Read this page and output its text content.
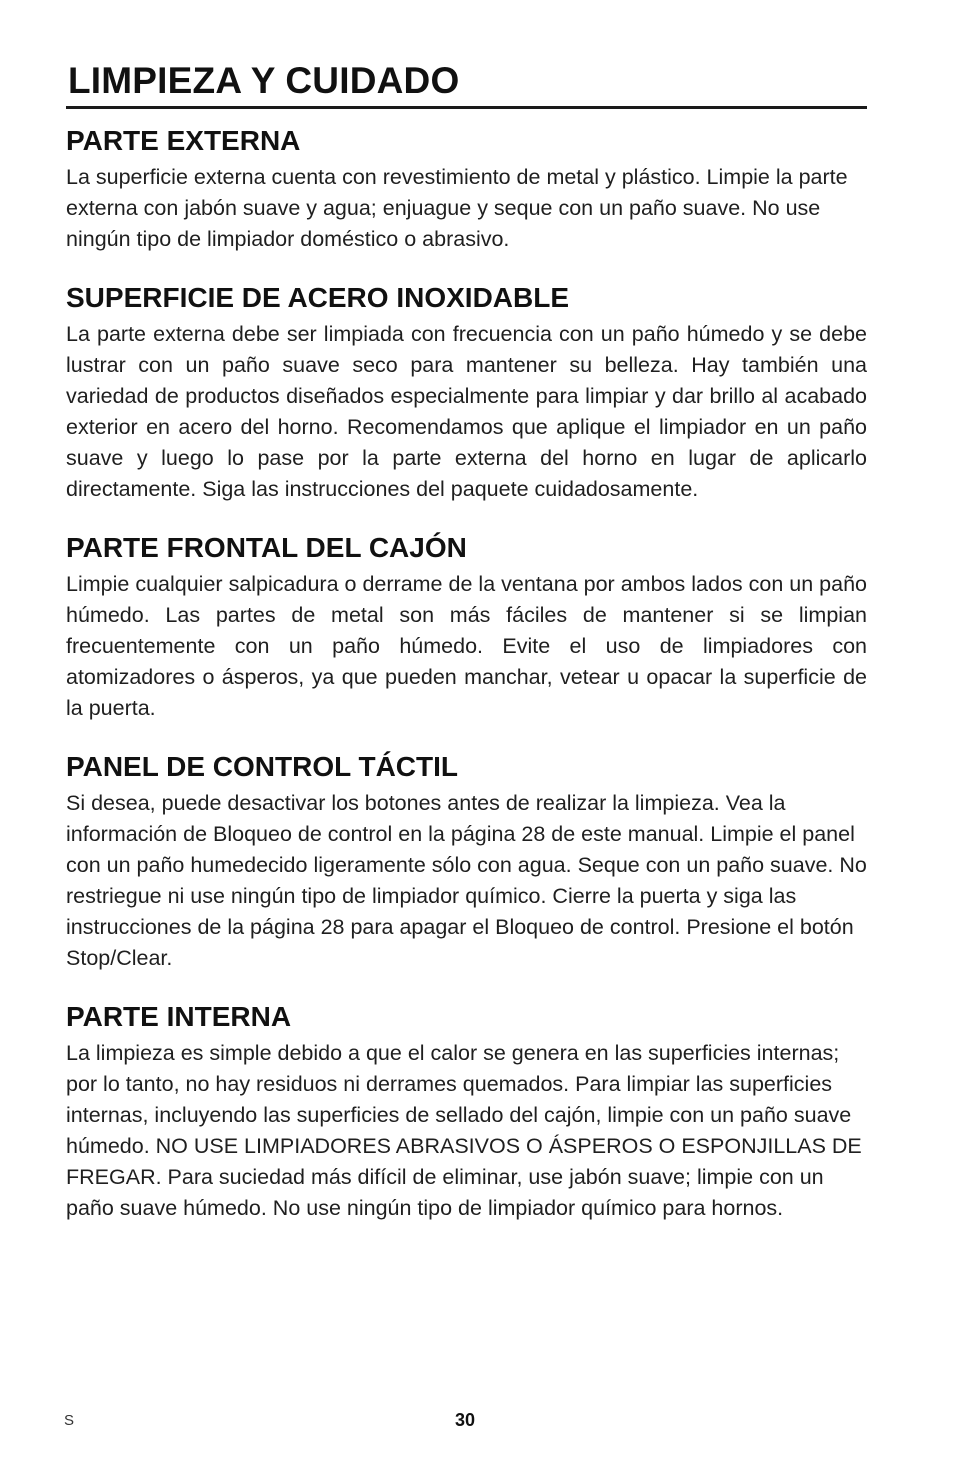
LIMPIEZA Y CUIDADO
PARTE EXTERNA

La superficie externa cuenta con revestimiento de metal y plástico. Limpie la parte externa con jabón suave y agua; enjuague y seque con un paño suave. No use ningún tipo de limpiador doméstico o abrasivo.

SUPERFICIE DE ACERO INOXIDABLE

La parte externa debe ser limpiada con frecuencia con un paño húmedo y se debe lustrar con un paño suave seco para mantener su belleza. Hay también una variedad de productos diseñados especialmente para limpiar y dar brillo al acabado exterior en acero del horno. Recomendamos que aplique el limpiador en un paño suave y luego lo pase por la parte externa del horno en lugar de aplicarlo directamente. Siga las instrucciones del paquete cuidadosamente.

PARTE FRONTAL DEL CAJÓN

Limpie cualquier salpicadura o derrame de la ventana por ambos lados con un paño húmedo. Las partes de metal son más fáciles de mantener si se limpian frecuentemente con un paño húmedo. Evite el uso de limpiadores con atomizadores o ásperos, ya que pueden manchar, vetear u opacar la superficie de la puerta.

PANEL DE CONTROL TÁCTIL

Si desea, puede desactivar los botones antes de realizar la limpieza. Vea la información de Bloqueo de control en la página 28 de este manual. Limpie el panel con un paño humedecido ligeramente sólo con agua. Seque con un paño suave. No restriegue ni use ningún tipo de limpiador químico. Cierre la puerta y siga las instrucciones de la página 28 para apagar el Bloqueo de control. Presione el botón Stop/Clear.

PARTE INTERNA

La limpieza es simple debido a que el calor se genera en las superficies internas; por lo tanto, no hay residuos ni derrames quemados. Para limpiar las superficies internas, incluyendo las superficies de sellado del cajón, limpie con un paño suave húmedo. NO USE LIMPIADORES ABRASIVOS O ÁSPEROS O ESPONJILLAS DE FREGAR. Para suciedad más difícil de eliminar, use jabón suave; limpie con un paño suave húmedo. No use ningún tipo de limpiador químico para hornos.

S	30
